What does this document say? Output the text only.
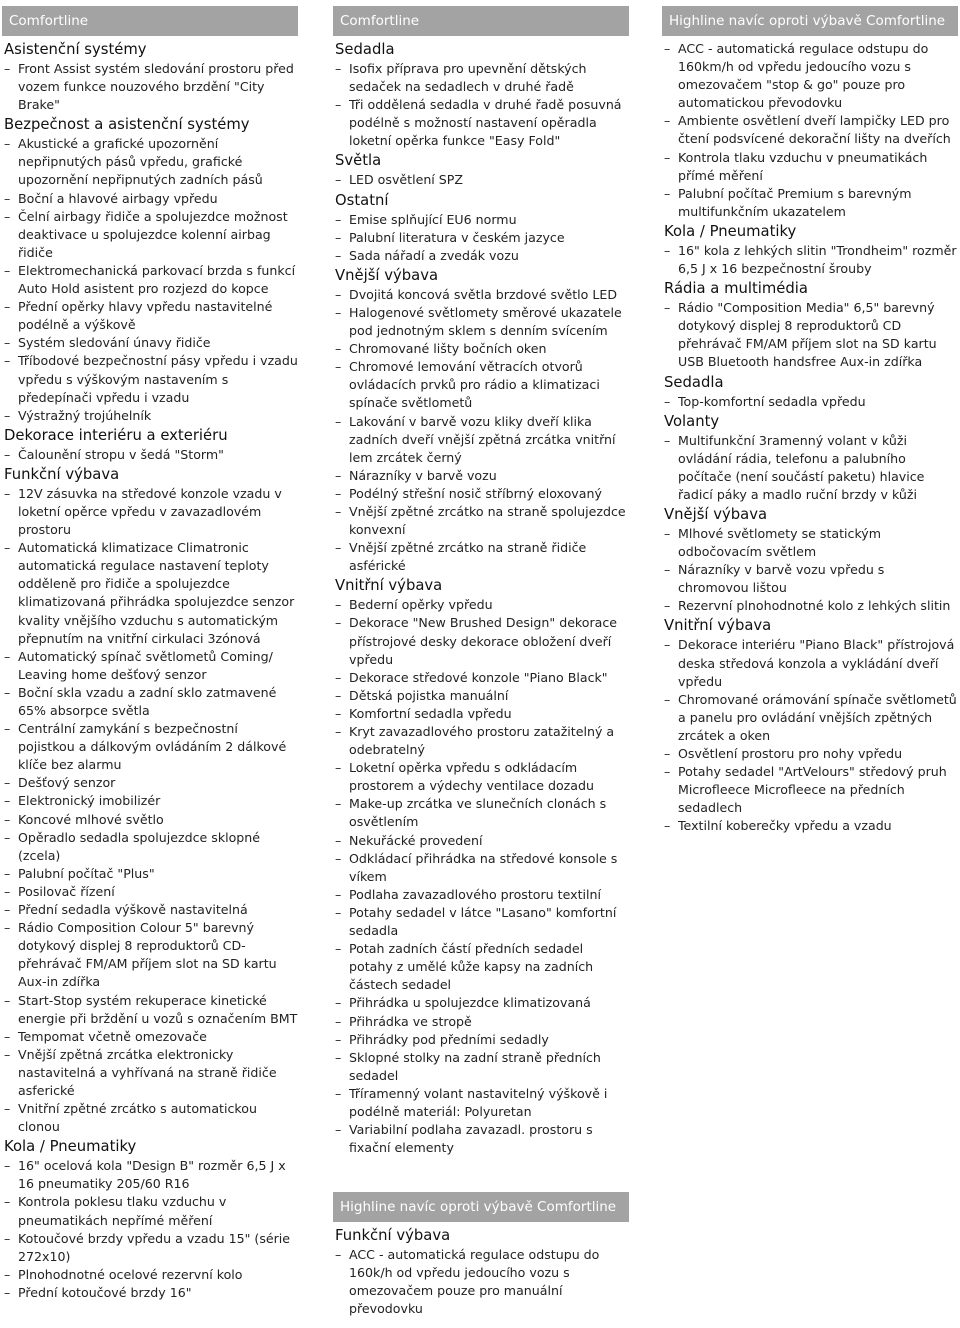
Comfortline
Asistenční systémy
– Front Assist systém sledování prostoru před vozem funkce nouzového brzdění "City Brake"
Bezpečnost a asistenční systémy
– Akustické a grafické upozornění nepřipnutých pásů vpředu, grafické upozornění nepřipnutých zadních pásů
– Boční a hlavové airbagy vpředu
– Čelní airbagy řidiče a spolujezdce možnost deaktivace u spolujezdce kolenní airbag řidiče
– Elektromechanická parkovací brzda s funkcí Auto Hold asistent pro rozjezd do kopce
– Přední opěrky hlavy vpředu nastavitelné podélně a výškově
– Systém sledování únavy řidiče
– Tříbodové bezpečnostní pásy vpředu i vzadu vpředu s výškovým nastavením s předepínači vpředu i vzadu
– Výstražný trojúhelník
Dekorace interiéru a exteriéru
– Čalounění stropu v šedá "Storm"
Funkční výbava
– 12V zásuvka na středové konzole vzadu v loketní opěrce vpředu v zavazadlovém prostoru
– Automatická klimatizace Climatronic automatická regulace nastavení teploty odděleně pro řidiče a spolujezdce klimatizovaná přihrádka spolujezdce senzor kvality vnějšího vzduchu s automatickým přepnutím na vnitřní cirkulaci 3zónová
– Automatický spínač světlometů Coming/ Leaving home dešťový senzor
– Boční skla vzadu a zadní sklo zatmavené 65% absorpce světla
– Centrální zamykání s bezpečnostní pojistkou a dálkovým ovládáním 2 dálkové klíče bez alarmu
– Dešťový senzor
– Elektronický imobilizér
– Koncové mlhové světlo
– Opěradlo sedadla spolujezdce sklopné (zcela)
– Palubní počítač "Plus"
– Posilovač řízení
– Přední sedadla výškově nastavitelná
– Rádio Composition Colour 5" barevný dotykový displej 8 reproduktorů CD-přehrávač FM/AM příjem slot na SD kartu Aux-in zdířka
– Start-Stop systém rekuperace kinetické energie při brždění u vozů s označením BMT
– Tempomat včetně omezovače
– Vnější zpětná zrcátka elektronicky nastavitelná a vyhřívaná na straně řidiče asferické
– Vnitřní zpětné zrcátko s automatickou clonou
Kola / Pneumatiky
– 16" ocelová kola "Design B" rozměr 6,5 J x 16 pneumatiky 205/60 R16
– Kontrola poklesu tlaku vzduchu v pneumatikách nepřímé měření
– Kotoučové brzdy vpředu a vzadu 15" (série 272x10)
– Plnohodnotné ocelové rezervní kolo
– Přední kotoučové brzdy 16"
Comfortline
Sedadla
– Isofix příprava pro upevnění dětských sedaček na sedadlech v druhé řadě
– Tři oddělená sedadla v druhé řadě posuvná podélně s možností nastavení opěradla loketní opěrka funkce "Easy Fold"
Světla
– LED osvětlení SPZ
Ostatní
– Emise splňující EU6 normu
– Palubní literatura v českém jazyce
– Sada nářadí a zvedák vozu
Vnější výbava
– Dvojitá koncová světla brzdové světlo LED
– Halogenové světlomety směrové ukazatele pod jednotným sklem s denním svícením
– Chromované lišty bočních oken
– Chromové lemování větracích otvorů ovládacích prvků pro rádio a klimatizaci spínače světlometů
– Lakování v barvě vozu kliky dveří klika zadních dveří vnější zpětná zrcátka vnitřní lem zrcátek černý
– Nárazníky v barvě vozu
– Podélný střešní nosič stříbrný eloxovaný
– Vnější zpětné zrcátko na straně spolujezdce konvexní
– Vnější zpětné zrcátko na straně řidiče asférické
Vnitřní výbava
– Bederní opěrky vpředu
– Dekorace "New Brushed Design" dekorace přístrojové desky dekorace obložení dveří vpředu
– Dekorace středové konzole "Piano Black"
– Dětská pojistka manuální
– Komfortní sedadla vpředu
– Kryt zavazadlového prostoru zatažitelný a odebratelný
– Loketní opěrka vpředu s odkládacím prostorem a výdechy ventilace dozadu
– Make-up zrcátka ve slunečních clonách s osvětlením
– Nekuřácké provedení
– Odkládací přihrádka na středové konsole s víkem
– Podlaha zavazadlového prostoru textilní
– Potahy sedadel v látce "Lasano" komfortní sedadla
– Potah zadních částí předních sedadel potahy z umělé kůže kapsy na zadních částech sedadel
– Přihrádka u spolujezdce klimatizovaná
– Přihrádka ve stropě
– Přihrádky pod předními sedadly
– Sklopné stolky na zadní straně předních sedadel
– Tříramenný volant nastavitelný výškově i podélně materiál: Polyuretan
– Variabilní podlaha zavazadl. prostoru s fixační elementy
Highline navíc oproti výbavě Comfortline
Funkční výbava
– ACC - automatická regulace odstupu do 160k/h od vpředu jedoucího vozu s omezovačem pouze pro manuální převodovku
Highline navíc oproti výbavě Comfortline
– ACC - automatická regulace odstupu do 160km/h od vpředu jedoucího vozu s omezovačem "stop & go" pouze pro automatickou převodovku
– Ambiente osvětlení dveří lampičky LED pro čtení podsvícené dekorační lišty na dveřích
– Kontrola tlaku vzduchu v pneumatikách přímé měření
– Palubní počítač Premium s barevným multifunkčním ukazatelem
Kola / Pneumatiky
– 16" kola z lehkých slitin "Trondheim" rozměr 6,5 J x 16 bezpečnostní šrouby
Rádia a multimédia
– Rádio "Composition Media" 6,5" barevný dotykový displej 8 reproduktorů CD přehrávač FM/AM příjem slot na SD kartu USB Bluetooth handsfree Aux-in zdířka
Sedadla
– Top-komfortní sedadla vpředu
Volanty
– Multifunkční 3ramenný volant v kůži ovládání rádia, telefonu a palubního počítače (není součástí paketu) hlavice řadicí páky a madlo ruční brzdy v kůži
Vnější výbava
– Mlhové světlomety se statickým odbočovacím světlem
– Nárazníky v barvě vozu vpředu s chromovou lištou
– Rezervní plnohodnotné kolo z lehkých slitin
Vnitřní výbava
– Dekorace interiéru "Piano Black" přístrojová deska středová konzola a vykládání dveří vpředu
– Chromované orámování spínače světlometů a panelu pro ovládání vnějších zpětných zrcátek a oken
– Osvětlení prostoru pro nohy vpředu
– Potahy sedadel "ArtVelours" středový pruh Microfleece Microfleece na předních sedadlech
– Textilní koberečky vpředu a vzadu
